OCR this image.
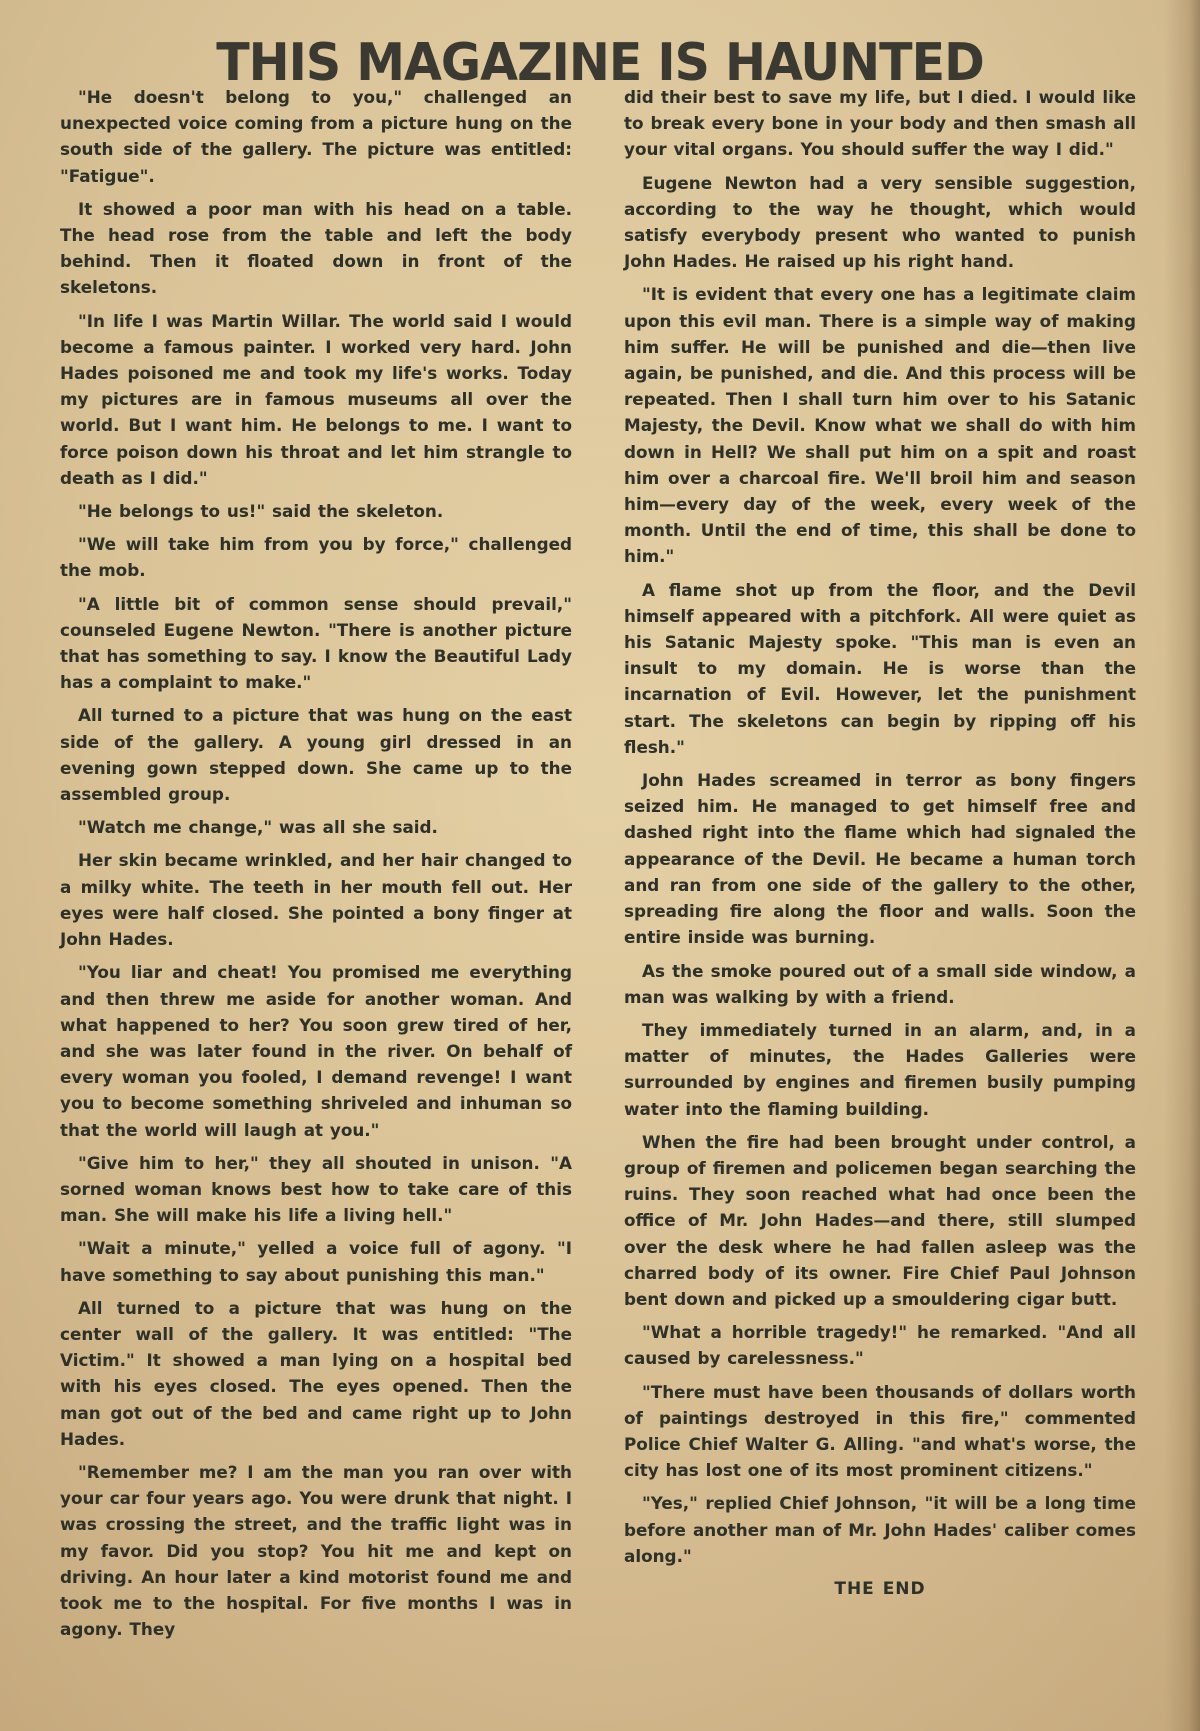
THIS MAGAZINE IS HAUNTED

"He doesn't belong to you," challenged an unexpected voice coming from a picture hung on the south side of the gallery. The picture was entitled: "Fatigue".

It showed a poor man with his head on a table. The head rose from the table and left the body behind. Then it floated down in front of the skeletons.

"In life I was Martin Willar. The world said I would become a famous painter. I worked very hard. John Hades poisoned me and took my life's works. Today my pictures are in famous museums all over the world. But I want him. He belongs to me. I want to force poison down his throat and let him strangle to death as I did."

"He belongs to us!" said the skeleton.

"We will take him from you by force," challenged the mob.

"A little bit of common sense should prevail," counseled Eugene Newton. "There is another picture that has something to say. I know the Beautiful Lady has a complaint to make."

All turned to a picture that was hung on the east side of the gallery. A young girl dressed in an evening gown stepped down. She came up to the assembled group.

"Watch me change," was all she said.

Her skin became wrinkled, and her hair changed to a milky white. The teeth in her mouth fell out. Her eyes were half closed. She pointed a bony finger at John Hades.

"You liar and cheat! You promised me everything and then threw me aside for another woman. And what happened to her? You soon grew tired of her, and she was later found in the river. On behalf of every woman you fooled, I demand revenge! I want you to become something shriveled and inhuman so that the world will laugh at you."

"Give him to her," they all shouted in unison. "A sorned woman knows best how to take care of this man. She will make his life a living hell."

"Wait a minute," yelled a voice full of agony. "I have something to say about punishing this man."

All turned to a picture that was hung on the center wall of the gallery. It was entitled: "The Victim." It showed a man lying on a hospital bed with his eyes closed. The eyes opened. Then the man got out of the bed and came right up to John Hades.

"Remember me? I am the man you ran over with your car four years ago. You were drunk that night. I was crossing the street, and the traffic light was in my favor. Did you stop? You hit me and kept on driving. An hour later a kind motorist found me and took me to the hospital. For five months I was in agony. They

did their best to save my life, but I died. I would like to break every bone in your body and then smash all your vital organs. You should suffer the way I did."

Eugene Newton had a very sensible suggestion, according to the way he thought, which would satisfy everybody present who wanted to punish John Hades. He raised up his right hand.

"It is evident that every one has a legitimate claim upon this evil man. There is a simple way of making him suffer. He will be punished and die—then live again, be punished, and die. And this process will be repeated. Then I shall turn him over to his Satanic Majesty, the Devil. Know what we shall do with him down in Hell? We shall put him on a spit and roast him over a charcoal fire. We'll broil him and season him—every day of the week, every week of the month. Until the end of time, this shall be done to him."

A flame shot up from the floor, and the Devil himself appeared with a pitchfork. All were quiet as his Satanic Majesty spoke. "This man is even an insult to my domain. He is worse than the incarnation of Evil. However, let the punishment start. The skeletons can begin by ripping off his flesh."

John Hades screamed in terror as bony fingers seized him. He managed to get himself free and dashed right into the flame which had signaled the appearance of the Devil. He became a human torch and ran from one side of the gallery to the other, spreading fire along the floor and walls. Soon the entire inside was burning.

As the smoke poured out of a small side window, a man was walking by with a friend.

They immediately turned in an alarm, and, in a matter of minutes, the Hades Galleries were surrounded by engines and firemen busily pumping water into the flaming building.

When the fire had been brought under control, a group of firemen and policemen began searching the ruins. They soon reached what had once been the office of Mr. John Hades—and there, still slumped over the desk where he had fallen asleep was the charred body of its owner. Fire Chief Paul Johnson bent down and picked up a smouldering cigar butt.

"What a horrible tragedy!" he remarked. "And all caused by carelessness."

"There must have been thousands of dollars worth of paintings destroyed in this fire," commented Police Chief Walter G. Alling. "and what's worse, the city has lost one of its most prominent citizens."

"Yes," replied Chief Johnson, "it will be a long time before another man of Mr. John Hades' caliber comes along."

THE END
